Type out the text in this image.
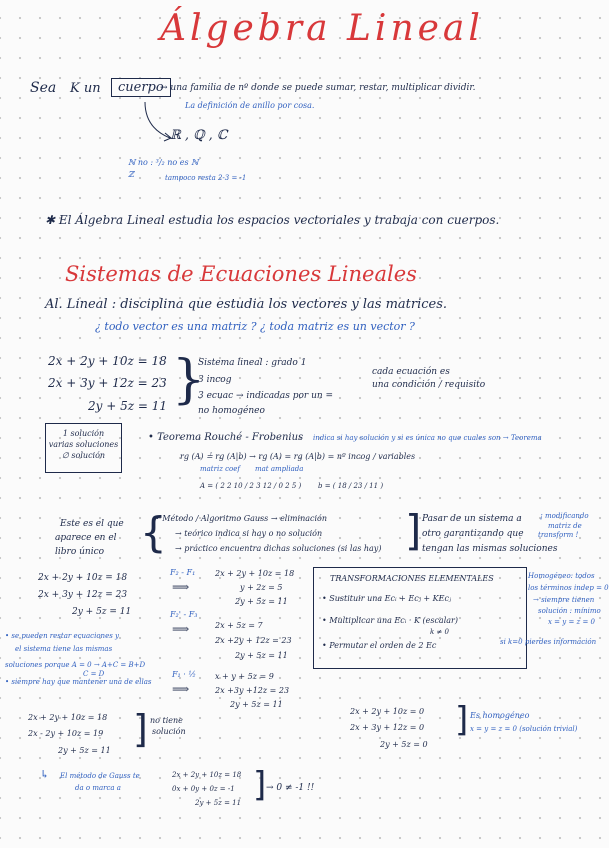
Álgebra Lineal
Sea K un	cuerpo
→ una familia de nº donde se puede sumar, restar, multiplicar dividir.
La definición de anillo por cosa.
ℝ , ℚ , ℂ
ℕ no : ³/₂ no es ℕ
ℤ	tampoco resta 2-3 = -1
✱ El Álgebra Lineal estudia los espacios vectoriales y trabaja con cuerpos.
Sistemas de Ecuaciones Lineales
Al. Lineal : disciplina que estudia los vectores y las matrices.
¿ todo vector es una matriz ? ¿ toda matriz es un vector ?
2x + 2y + 10z = 18
2x + 3y + 12z = 23
2y + 5z = 11 }
Sistema lineal : grado 1
3 incog
3 ecuac → indicadas por un =
no homogéneo
cada ecuación es
una condición / requisito
1 solución
varias soluciones
∅ solución
• Teorema Rouché - Frobenius indica si hay solución y si es única no que cuales son → Teorema
rg (A) ≟ rg (A|b) → rg (A) = rg (A|b) = nº incog / variables
matriz coef mat ampliada
A = ( 2 2 10 / 2 3 12 / 0 2 5 ) b = ( 18 / 23 / 11 )
Este es el que
aparece en el
libro único {
• Método / Algoritmo Gauss → eliminación
→ teórico indica si hay o no solución
→ práctico encuentra dichas soluciones (si las hay) ] Pasar de un sistema a
otro garantizando que
tengan las mismas soluciones
¡ modificando
matriz de
transform !
2x + 2y + 10z = 18
2x + 3y + 12z = 23
2y + 5z = 11
F₂ - F₁
⟹
2x + 2y + 10z = 18
y + 2z = 5
2y + 5z = 11
F₂' - F₃
⟹	2x + 5z = 7
2x +2y + 12z = 23
2y + 5z = 11
F₁ · ½
⟹
x + y + 5z = 9
2x +3y +12z = 23
2y + 5z = 11
• se pueden restar ecuaciones y
el sistema tiene las mismas
soluciones porque A = 0 → A+C = B+D
C = D
• siempre hay que mantener una de ellas
TRANSFORMACIONES ELEMENTALES
• Sustituir una Ecᵢ + Ecⱼ + KEcⱼ
• Multiplicar una Ecᵢ · K (escalar)
k ≠ 0
• Permutar el orden de 2 Ec	si k=0 pierdes información
Homogéneo: todos
los términos indep = 0
→ siempre tienen
solución : mínimo
x = y = z = 0
2x + 2y + 10z = 0
2x + 3y + 12z = 0
2y + 5z = 0
] Es homogéneo
x = y = z = 0 (solución trivial)
2x + 2y + 10z = 18
2x - 2y + 10z = 19
2y + 5z = 11 ] no tiene
solución
↳ El método de Gauss te
da o marca a
2x + 2y + 10z = 18
0x + 0y + 0z = -1
2y + 5z = 11 ] → 0 ≠ -1 !!
